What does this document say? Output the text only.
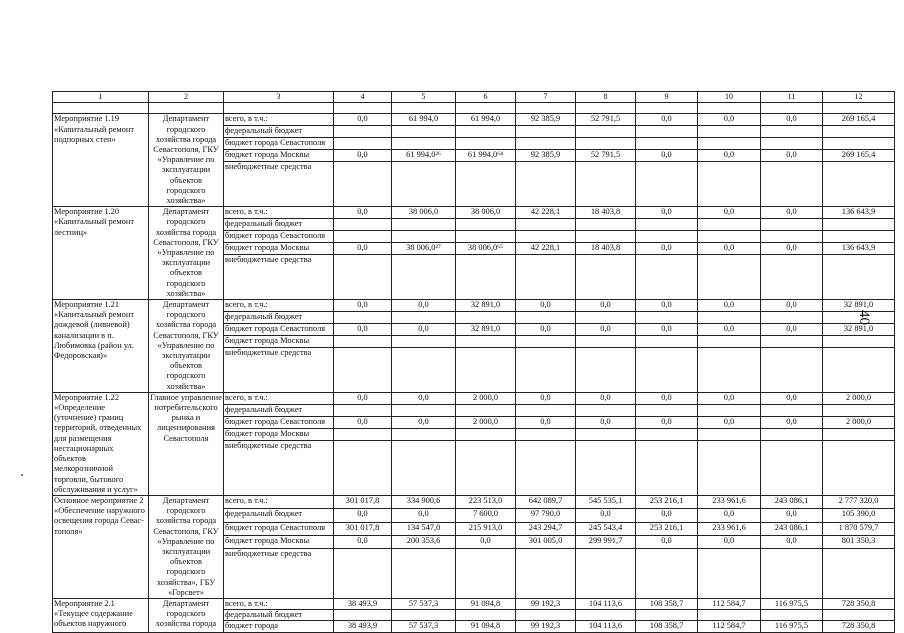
1	2	3	4	5	6	7	8	9	10	11	12

Мероприятие 1.19 «Капитальный ремонт подпорных стен»	Департамент городского хозяйства города Севастополя, ГКУ «Управление по эксплуатации объектов городского хозяйства»	всего, в т.ч.:	0,0	61 994,0	61 994,0	92 385,9	52 791,5	0,0	0,0	0,0	269 165,4
		федеральный бюджет									
		бюджет города Севастополя									
		бюджет города Москвы	0,0	61 994,0²⁶	61 994,0⁶⁴	92 385,9	52 791,5	0,0	0,0	0,0	269 165,4
		внебюджетные средства									
Мероприятие 1.20 «Капитальный ремонт лестниц»	Департамент городского хозяйства города Севастополя, ГКУ «Управление по эксплуатации объектов городского хозяйства»	всего, в т.ч.:	0,0	38 006,0	38 006,0	42 228,1	18 403,8	0,0	0,0	0,0	136 643,9
		федеральный бюджет									
		бюджет города Севастополя									
		бюджет города Москвы	0,0	38 006,0²⁷	38 006,0⁶⁵	42 228,1	18 403,8	0,0	0,0	0,0	136 643,9
		внебюджетные средства									
Мероприятие 1.21 «Капитальный ремонт дождевой (ливневой) канализации в п. Любимовка (район ул. Федоровская)»	Департамент городского хозяйства города Севастополя, ГКУ «Управление по эксплуатации объектов городского хозяйства»	всего, в т.ч.:	0,0	0,0	32 891,0	0,0	0,0	0,0	0,0	0,0	32 891,0
		федеральный бюджет									
		бюджет города Севастополя	0,0	0,0	32 891,0	0,0	0,0	0,0	0,0	0,0	32 891,0
		бюджет города Москвы									
		внебюджетные средства									
Мероприятие 1.22 «Определение (уточнение) границ территорий, отведенных для размещения нестационарных объектов мелкорозничной торговли, бытового обслуживания и услуг»	Главное управление потребительского рынка и лицензирования Севастополя	всего, в т.ч.:	0,0	0,0	2 000,0	0,0	0,0	0,0	0,0	0,0	2 000,0
		федеральный бюджет									
		бюджет города Севастополя	0,0	0,0	2 000,0	0,0	0,0	0,0	0,0	0,0	2 000,0
		бюджет города Москвы									
		внебюджетные средства									
Основное мероприятие 2 «Обеспечение наружного освещения города Севас-тополя»	Департамент городского хозяйства города Севастополя, ГКУ «Управление по эксплуатации объектов городского хозяйства», ГБУ «Горсвет»	всего, в т.ч.:	301 017,8	334 900,6	223 513,0	642 089,7	545 535,1	253 216,1	233 961,6	243 086,1	2 777 320,0
		федеральный бюджет	0,0	0,0	7 600,0	97 790,0	0,0	0,0	0,0	0,0	105 390,0
		бюджет города Севастополя	301 017,8	134 547,0	215 913,0	243 294,7	245 543,4	253 216,1	233 961,6	243 086,1	1 870 579,7
		бюджет города Москвы	0,0	200 353,6	0,0	301 005,0	299 991,7	0,0	0,0	0,0	801 350,3
		внебюджетные средства									
Мероприятие 2.1 «Текущее содержание объектов наружного	Департамент городского хозяйства города	всего, в т.ч.:	38 493,9	57 537,3	91 094,8	99 192,3	104 113,6	108 358,7	112 584,7	116 975,5	728 350,8
		федеральный бюджет									
		бюджет города	38 493,9	57 537,3	91 094,8	99 192,3	104 113,6	108 358,7	112 584,7	116 975,5	728 350,8
40
